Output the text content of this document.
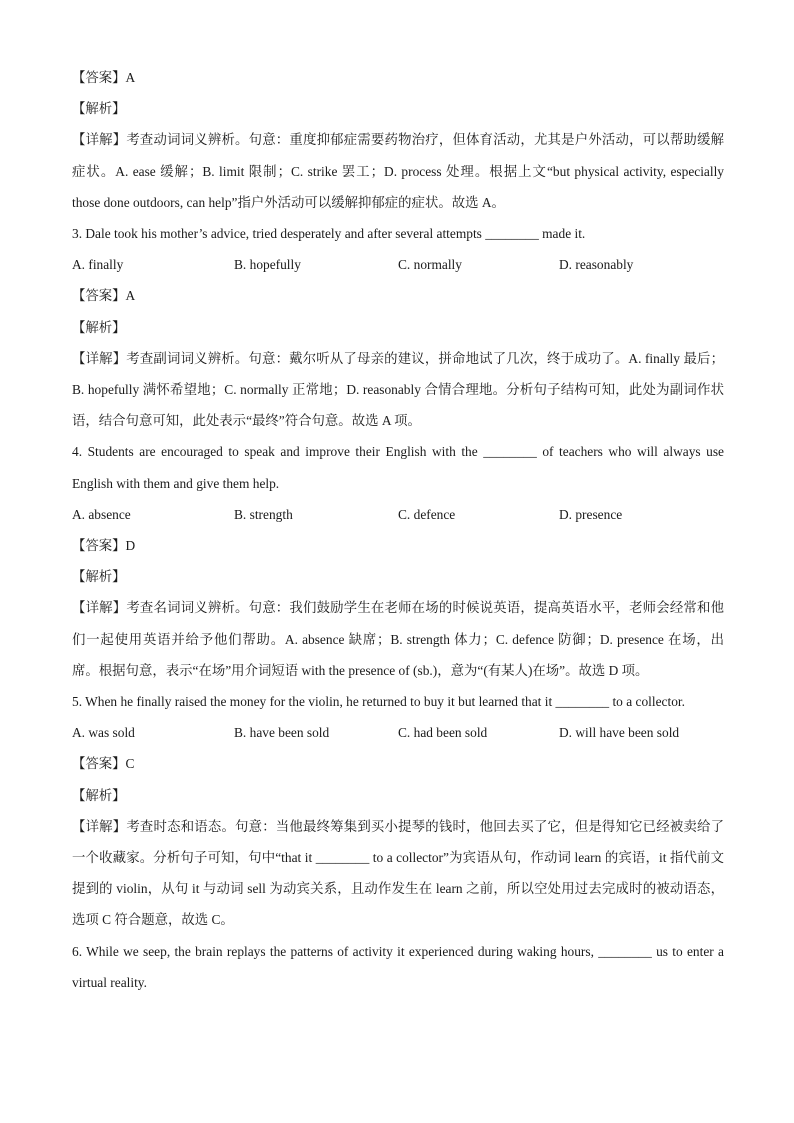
【答案】A
【解析】
【详解】考查动词词义辨析。句意：重度抑郁症需要药物治疗，但体育活动，尤其是户外活动，可以帮助缓解症状。A. ease 缓解；B. limit 限制；C. strike 罢工；D. process 处理。根据上文“but physical activity, especially those done outdoors, can help”指户外活动可以缓解抑郁症的症状。故选 A。
3. Dale took his mother’s advice, tried desperately and after several attempts ________ made it.
A. finally	B. hopefully	C. normally	D. reasonably
【答案】A
【解析】
【详解】考查副词词义辨析。句意：戴尔听从了母亲的建议，拼命地试了几次，终于成功了。A. finally 最后；B. hopefully 满怀希望地；C. normally 正常地；D. reasonably 合情合理地。分析句子结构可知，此处为副词作状语，结合句意可知，此处表示“最终”符合句意。故选 A 项。
4. Students are encouraged to speak and improve their English with the ________ of teachers who will always use English with them and give them help.
A. absence	B. strength	C. defence	D. presence
【答案】D
【解析】
【详解】考查名词词义辨析。句意：我们鼓励学生在老师在场的时候说英语，提高英语水平，老师会经常和他们一起使用英语并给予他们帮助。A. absence 缺席；B. strength 体力；C. defence 防御；D. presence 在场，出席。根据句意，表示“在场”用介词短语 with the presence of (sb.)，意为“(有某人)在场”。故选 D 项。
5. When he finally raised the money for the violin, he returned to buy it but learned that it ________ to a collector.
A. was sold	B. have been sold	C. had been sold	D. will have been sold
【答案】C
【解析】
【详解】考查时态和语态。句意：当他最终筹集到买小提琴的钱时，他回去买了它，但是得知它已经被卖给了一个收藏家。分析句子可知，句中“that it ________ to a collector”为宾语从句，作动词 learn 的宾语，it 指代前文提到的 violin，从句 it 与动词 sell 为动宾关系，且动作发生在 learn 之前，所以空处用过去完成时的被动语态，选项 C 符合题意，故选 C。
6. While we seep, the brain replays the patterns of activity it experienced during waking hours, ________ us to enter a virtual reality.
